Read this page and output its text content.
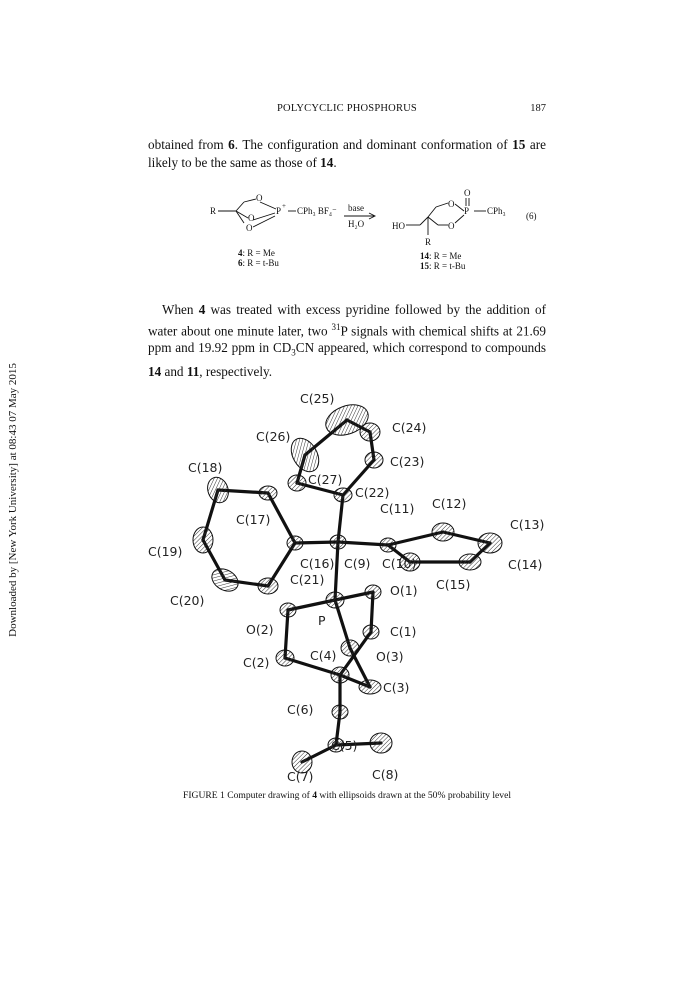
POLYCYCLIC PHOSPHORUS	187
Downloaded by [New York University] at 08:43 07 May 2015
obtained from 6. The configuration and dominant conformation of 15 are likely to be the same as those of 14.
R
O
O
O
P + CPh₃ BF₄⁻ base
H₂O	HO
O
O
O
P CPh₃
R
(6)
4: R = Me
6: R = t-Bu
14: R = Me
15: R = t-Bu
When 4 was treated with excess pyridine followed by the addition of water about one minute later, two $^{31}$P signals with chemical shifts at 21.69 ppm and 19.92 ppm in $CD_3CN$ appeared, which correspond to compounds 14 and 11, respectively.
C(25)
C(26)
C(24)
C(23)
C(18)
C(27)
C(22)
C(17)
C(11) C(12)
C(13)
C(19)
C(16) C(9) C(10)	C(14)
C(21)
O(1) C(15)
C(20)
O(2)
P
C(1)
C(2)	C(4)	O(3)
C(3)
C(6)
C(5)
C(7)	C(8)
FIGURE 1 Computer drawing of 4 with ellipsoids drawn at the 50% probability level
